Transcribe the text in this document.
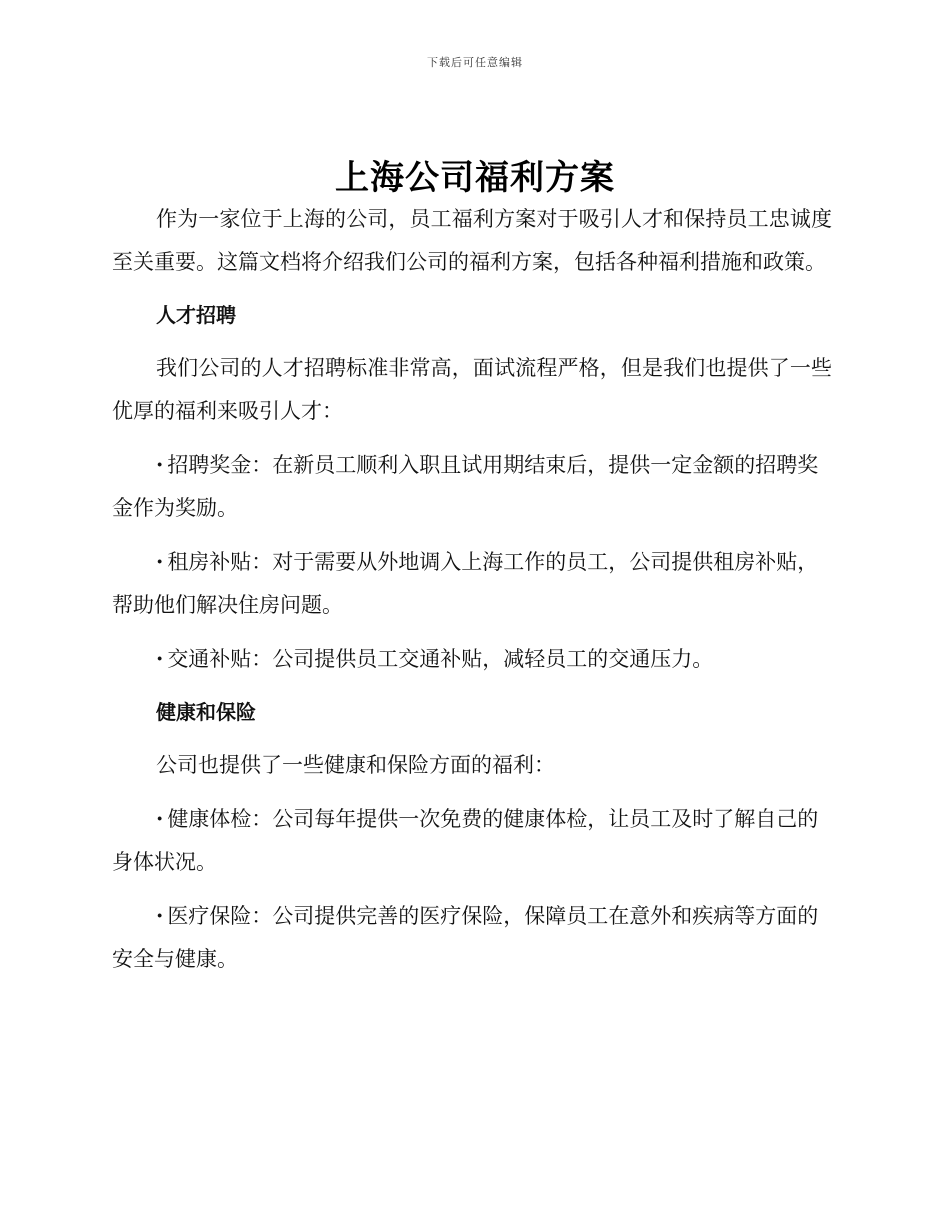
下载后可任意编辑
上海公司福利方案

作为一家位于上海的公司，员工福利方案对于吸引人才和保持员工忠诚度至关重要。这篇文档将介绍我们公司的福利方案，包括各种福利措施和政策。

人才招聘

我们公司的人才招聘标准非常高，面试流程严格，但是我们也提供了一些优厚的福利来吸引人才：

· 招聘奖金：在新员工顺利入职且试用期结束后，提供一定金额的招聘奖金作为奖励。

· 租房补贴：对于需要从外地调入上海工作的员工，公司提供租房补贴，帮助他们解决住房问题。

· 交通补贴：公司提供员工交通补贴，减轻员工的交通压力。

健康和保险

公司也提供了一些健康和保险方面的福利：

· 健康体检：公司每年提供一次免费的健康体检，让员工及时了解自己的身体状况。

· 医疗保险：公司提供完善的医疗保险，保障员工在意外和疾病等方面的安全与健康。
